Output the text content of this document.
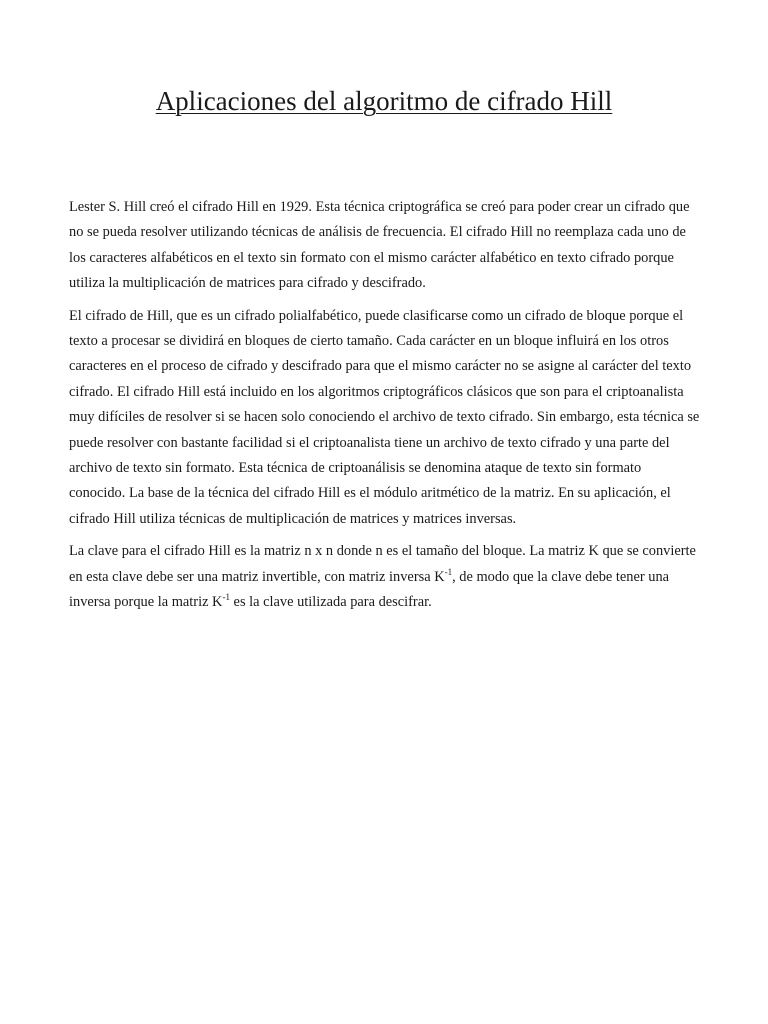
Aplicaciones del algoritmo de cifrado Hill

Lester S. Hill creó el cifrado Hill en 1929. Esta técnica criptográfica se creó para poder crear un cifrado que no se pueda resolver utilizando técnicas de análisis de frecuencia. El cifrado Hill no reemplaza cada uno de los caracteres alfabéticos en el texto sin formato con el mismo carácter alfabético en texto cifrado porque utiliza la multiplicación de matrices para cifrado y descifrado.

El cifrado de Hill, que es un cifrado polialfabético, puede clasificarse como un cifrado de bloque porque el texto a procesar se dividirá en bloques de cierto tamaño. Cada carácter en un bloque influirá en los otros caracteres en el proceso de cifrado y descifrado para que el mismo carácter no se asigne al carácter del texto cifrado. El cifrado Hill está incluido en los algoritmos criptográficos clásicos que son para el criptoanalista muy difíciles de resolver si se hacen solo conociendo el archivo de texto cifrado. Sin embargo, esta técnica se puede resolver con bastante facilidad si el criptoanalista tiene un archivo de texto cifrado y una parte del archivo de texto sin formato. Esta técnica de criptoanálisis se denomina ataque de texto sin formato conocido. La base de la técnica del cifrado Hill es el módulo aritmético de la matriz. En su aplicación, el cifrado Hill utiliza técnicas de multiplicación de matrices y matrices inversas.

La clave para el cifrado Hill es la matriz n x n donde n es el tamaño del bloque. La matriz K que se convierte en esta clave debe ser una matriz invertible, con matriz inversa $K^{-1}$, de modo que la clave debe tener una inversa porque la matriz $K^{-1}$ es la clave utilizada para descifrar.
